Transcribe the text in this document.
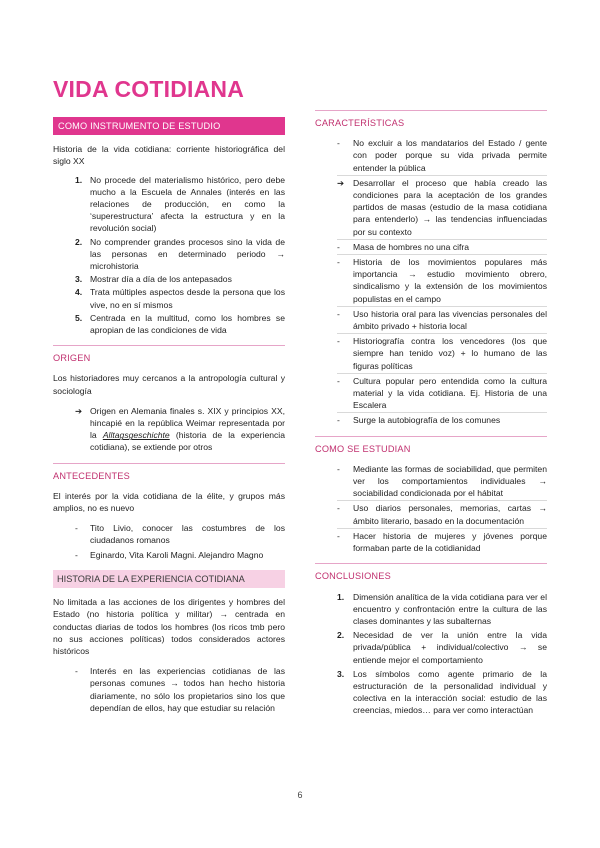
VIDA COTIDIANA
COMO INSTRUMENTO DE ESTUDIO

Historia de la vida cotidiana: corriente historiográfica del siglo XX

1. No procede del materialismo histórico, pero debe mucho a la Escuela de Annales (interés en las relaciones de producción, en como la ‘superestructura’ afecta la estructura y en la revolución social)
2. No comprender grandes procesos sino la vida de las personas en determinado periodo → microhistoria
3. Mostrar día a día de los antepasados
4. Trata múltiples aspectos desde la persona que los vive, no en sí mismos
5. Centrada en la multitud, como los hombres se apropian de las condiciones de vida
ORIGEN

Los historiadores muy cercanos a la antropología cultural y sociología

➔ Origen en Alemania finales s. XIX y principios XX, hincapié en la república Weimar representada por la Alltagsgeschichte (historia de la experiencia cotidiana), se extiende por otros
ANTECEDENTES

El interés por la vida cotidiana de la élite, y grupos más amplios, no es nuevo

- Tito Livio, conocer las costumbres de los ciudadanos romanos
- Eginardo, Vita Karoli Magni. Alejandro Magno
HISTORIA DE LA EXPERIENCIA COTIDIANA

No limitada a las acciones de los dirigentes y hombres del Estado (no historia política y militar) → centrada en conductas diarias de todos los hombres (los ricos tmb pero no sus acciones políticas) todos considerados actores históricos

- Interés en las experiencias cotidianas de las personas comunes → todos han hecho historia diariamente, no sólo los propietarios sino los que dependían de ellos, hay que estudiar su relación
CARACTERÍSTICAS
- No excluir a los mandatarios del Estado / gente con poder porque su vida privada permite entender la pública
➔ Desarrollar el proceso que había creado las condiciones para la aceptación de los grandes partidos de masas (estudio de la masa cotidiana para entenderlo) → las tendencias influenciadas por su contexto
- Masa de hombres no una cifra
- Historia de los movimientos populares más importancia → estudio movimiento obrero, sindicalismo y la extensión de los movimientos populistas en el campo
- Uso historia oral para las vivencias personales del ámbito privado + historia local
- Historiografía contra los vencedores (los que siempre han tenido voz) + lo humano de las figuras políticas
- Cultura popular pero entendida como la cultura material y la vida cotidiana. Ej. Historia de una Escalera
- Surge la autobiografía de los comunes
COMO SE ESTUDIAN
- Mediante las formas de sociabilidad, que permiten ver los comportamientos individuales → sociabilidad condicionada por el hábitat
- Uso diarios personales, memorias, cartas → ámbito literario, basado en la documentación
- Hacer historia de mujeres y jóvenes porque formaban parte de la cotidianidad
CONCLUSIONES
1. Dimensión analítica de la vida cotidiana para ver el encuentro y confrontación entre la cultura de las clases dominantes y las subalternas
2. Necesidad de ver la unión entre la vida privada/pública + individual/colectivo → se entiende mejor el comportamiento
3. Los símbolos como agente primario de la estructuración de la personalidad individual y colectiva en la interacción social: estudio de las creencias, miedos… para ver como interactúan
6
